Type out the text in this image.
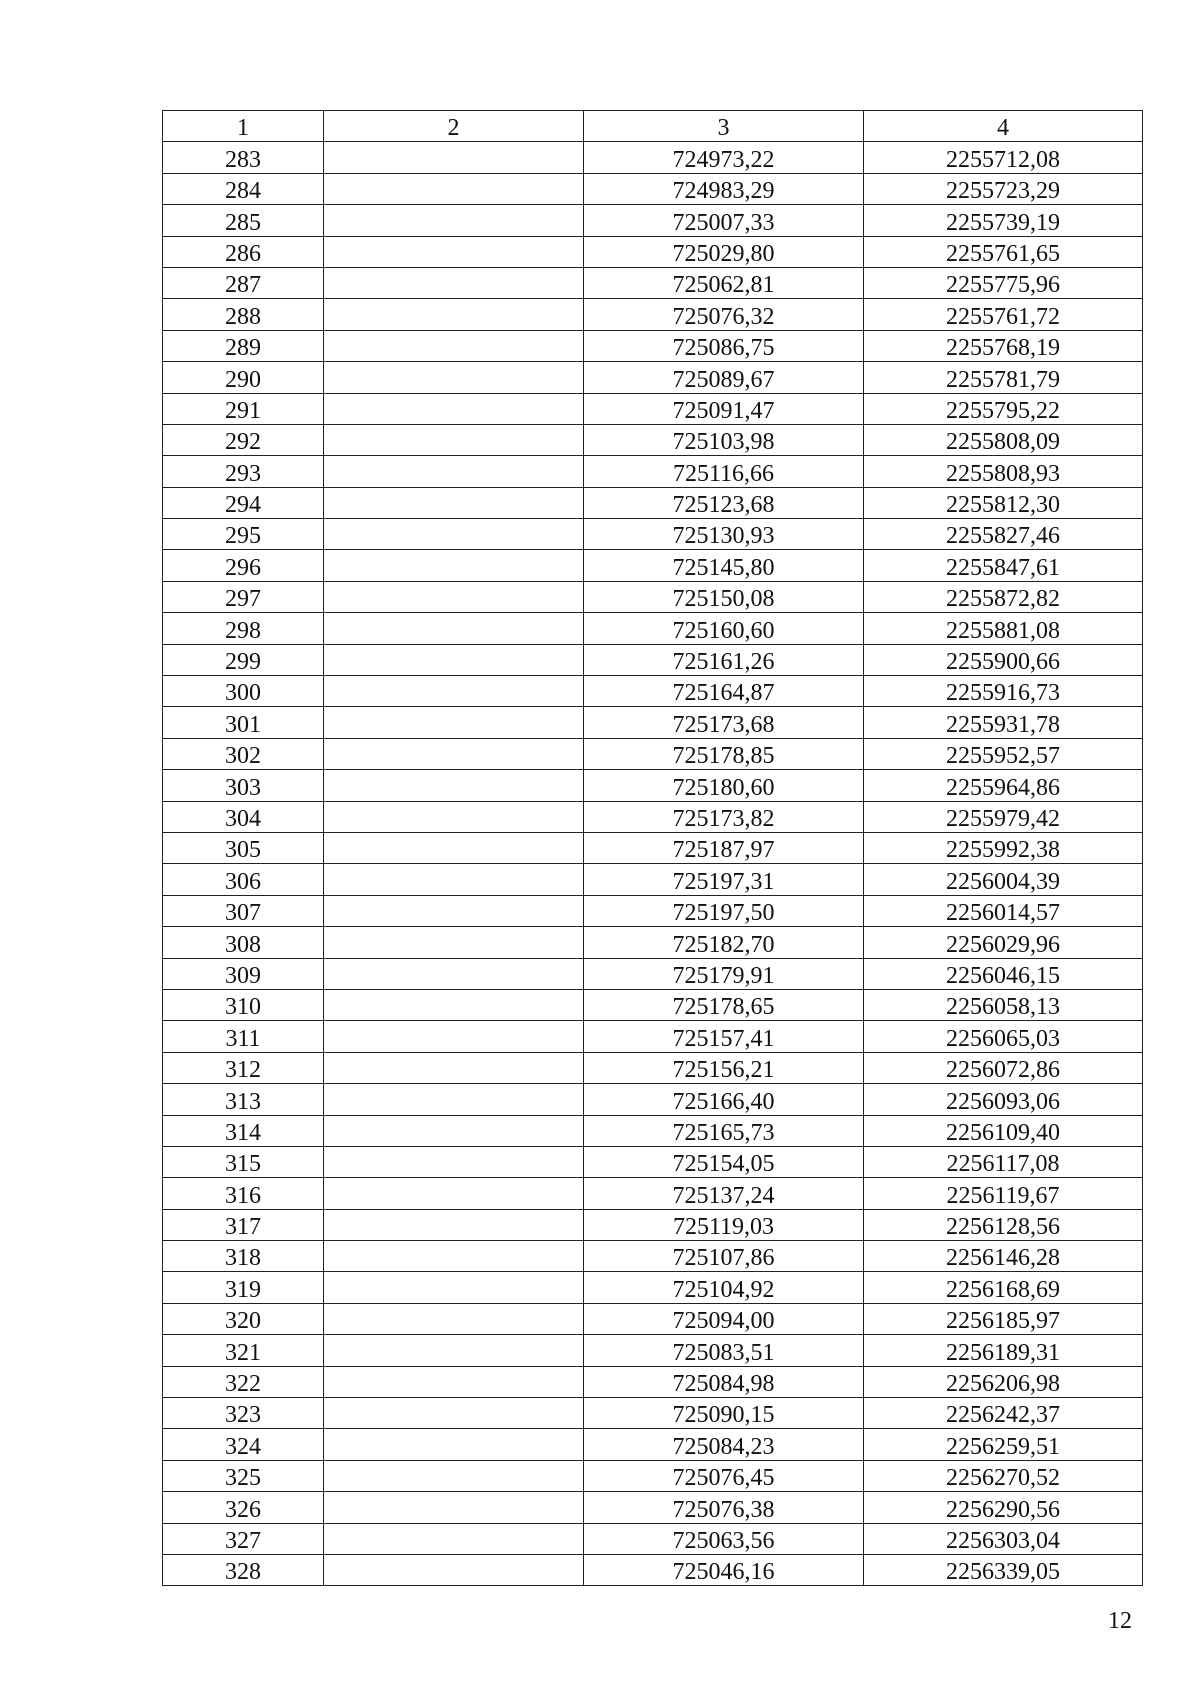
1	2	3	4
283		724973,22	2255712,08
284		724983,29	2255723,29
285		725007,33	2255739,19
286		725029,80	2255761,65
287		725062,81	2255775,96
288		725076,32	2255761,72
289		725086,75	2255768,19
290		725089,67	2255781,79
291		725091,47	2255795,22
292		725103,98	2255808,09
293		725116,66	2255808,93
294		725123,68	2255812,30
295		725130,93	2255827,46
296		725145,80	2255847,61
297		725150,08	2255872,82
298		725160,60	2255881,08
299		725161,26	2255900,66
300		725164,87	2255916,73
301		725173,68	2255931,78
302		725178,85	2255952,57
303		725180,60	2255964,86
304		725173,82	2255979,42
305		725187,97	2255992,38
306		725197,31	2256004,39
307		725197,50	2256014,57
308		725182,70	2256029,96
309		725179,91	2256046,15
310		725178,65	2256058,13
311		725157,41	2256065,03
312		725156,21	2256072,86
313		725166,40	2256093,06
314		725165,73	2256109,40
315		725154,05	2256117,08
316		725137,24	2256119,67
317		725119,03	2256128,56
318		725107,86	2256146,28
319		725104,92	2256168,69
320		725094,00	2256185,97
321		725083,51	2256189,31
322		725084,98	2256206,98
323		725090,15	2256242,37
324		725084,23	2256259,51
325		725076,45	2256270,52
326		725076,38	2256290,56
327		725063,56	2256303,04
328		725046,16	2256339,05
12
